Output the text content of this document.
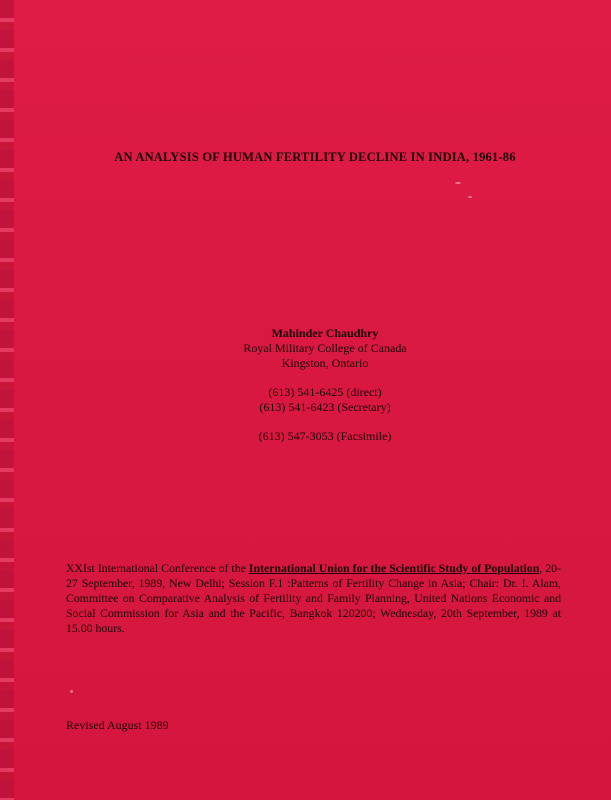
AN ANALYSIS OF HUMAN FERTILITY DECLINE IN INDIA, 1961-86
Mahinder Chaudhry
Royal Military College of Canada
Kingston, Ontario
(613) 541-6425 (direct)
(613) 541-6423 (Secretary)
(613) 547-3053 (Facsimile)
XXIst International Conference of the International Union for the Scientific Study of Population, 20-27 September, 1989, New Delhi; Session F.1 :Patterns of Fertility Change in Asia; Chair: Dr. I. Alam, Committee on Comparative Analysis of Fertility and Family Planning, United Nations Economic and Social Commission for Asia and the Pacific, Bangkok 120200; Wednesday, 20th September, 1989 at 15.00 hours.
Revised August 1989
